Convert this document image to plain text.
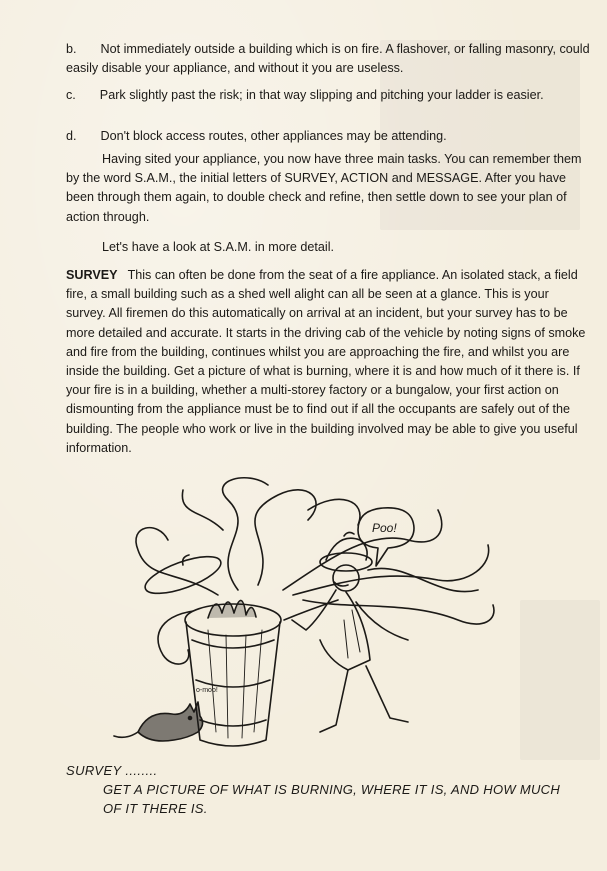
b. Not immediately outside a building which is on fire. A flashover, or falling masonry, could easily disable your appliance, and without it you are useless.

c. Park slightly past the risk; in that way slipping and pitching your ladder is easier.

d. Don't block access routes, other appliances may be attending.

Having sited your appliance, you now have three main tasks. You can remember them by the word S.A.M., the initial letters of SURVEY, ACTION and MESSAGE. After you have been through them again, to double check and refine, then settle down to see your plan of action through.

Let's have a look at S.A.M. in more detail.

SURVEY This can often be done from the seat of a fire appliance. An isolated stack, a field fire, a small building such as a shed well alight can all be seen at a glance. This is your survey. All firemen do this automatically on arrival at an incident, but your survey has to be more detailed and accurate. It starts in the driving cab of the vehicle by noting signs of smoke and fire from the building, continues whilst you are approaching the fire, and whilst you are inside the building. Get a picture of what is burning, where it is and how much of it there is. If your fire is in a building, whether a multi-storey factory or a bungalow, your first action on dismounting from the appliance must be to find out if all the occupants are safely out of the building. The people who work or live in the building involved may be able to give you useful information.

Poo!
o-moo!
SURVEY ........
GET A PICTURE OF WHAT IS BURNING, WHERE IT IS, AND HOW MUCH OF IT THERE IS.
